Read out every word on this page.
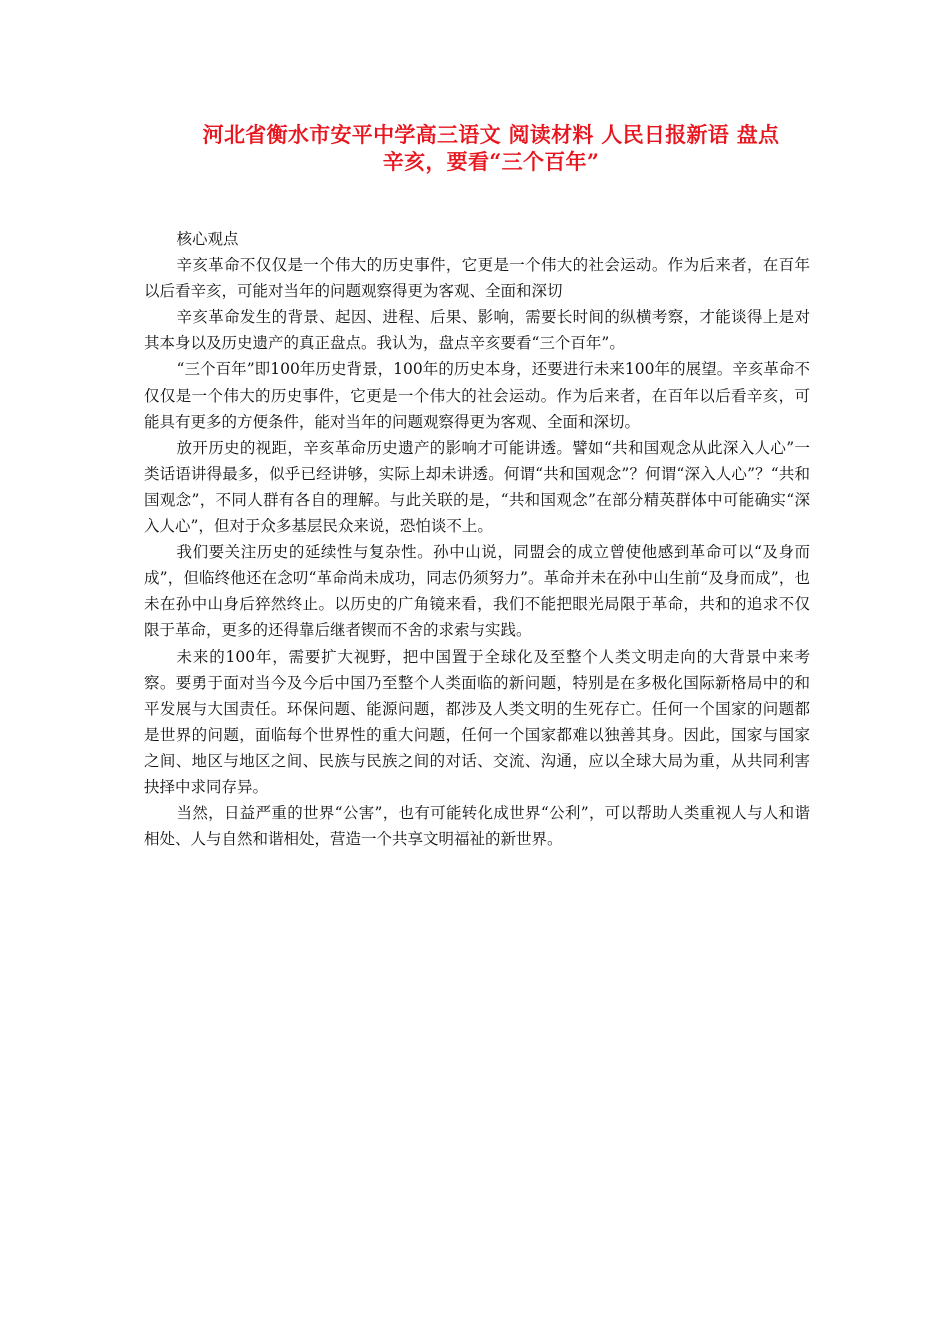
河北省衡水市安平中学高三语文 阅读材料 人民日报新语 盘点
辛亥，要看“三个百年”

核心观点

辛亥革命不仅仅是一个伟大的历史事件，它更是一个伟大的社会运动。作为后来者，在百年以后看辛亥，可能对当年的问题观察得更为客观、全面和深切

辛亥革命发生的背景、起因、进程、后果、影响，需要长时间的纵横考察，才能谈得上是对其本身以及历史遗产的真正盘点。我认为，盘点辛亥要看“三个百年”。

“三个百年”即100年历史背景，100年的历史本身，还要进行未来100年的展望。辛亥革命不仅仅是一个伟大的历史事件，它更是一个伟大的社会运动。作为后来者，在百年以后看辛亥，可能具有更多的方便条件，能对当年的问题观察得更为客观、全面和深切。

放开历史的视距，辛亥革命历史遗产的影响才可能讲透。譬如“共和国观念从此深入人心”一类话语讲得最多，似乎已经讲够，实际上却未讲透。何谓“共和国观念”？何谓“深入人心”？“共和国观念”，不同人群有各自的理解。与此关联的是，“共和国观念”在部分精英群体中可能确实“深入人心”，但对于众多基层民众来说，恐怕谈不上。

我们要关注历史的延续性与复杂性。孙中山说，同盟会的成立曾使他感到革命可以“及身而成”，但临终他还在念叨“革命尚未成功，同志仍须努力”。革命并未在孙中山生前“及身而成”，也未在孙中山身后猝然终止。以历史的广角镜来看，我们不能把眼光局限于革命，共和的追求不仅限于革命，更多的还得靠后继者锲而不舍的求索与实践。

未来的100年，需要扩大视野，把中国置于全球化及至整个人类文明走向的大背景中来考察。要勇于面对当今及今后中国乃至整个人类面临的新问题，特别是在多极化国际新格局中的和平发展与大国责任。环保问题、能源问题，都涉及人类文明的生死存亡。任何一个国家的问题都是世界的问题，面临每个世界性的重大问题，任何一个国家都难以独善其身。因此，国家与国家之间、地区与地区之间、民族与民族之间的对话、交流、沟通，应以全球大局为重，从共同利害抉择中求同存异。

当然，日益严重的世界“公害”，也有可能转化成世界“公利”，可以帮助人类重视人与人和谐相处、人与自然和谐相处，营造一个共享文明福祉的新世界。
